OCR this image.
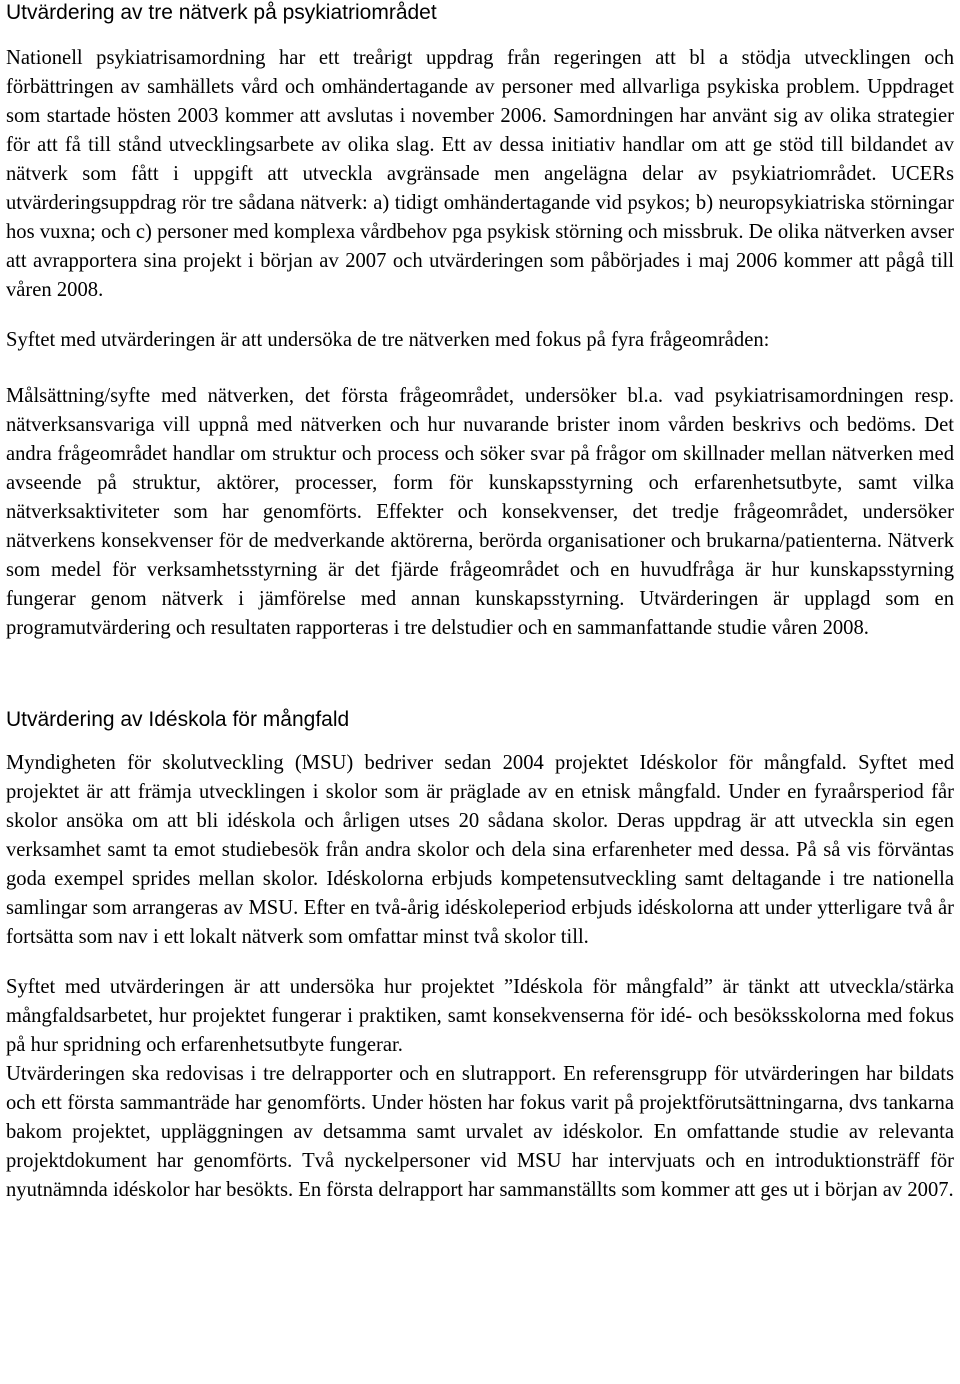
Utvärdering av tre nätverk på psykiatriområdet

Nationell psykiatrisamordning har ett treårigt uppdrag från regeringen att bl a stödja utvecklingen och förbättringen av samhällets vård och omhändertagande av personer med allvarliga psykiska problem. Uppdraget som startade hösten 2003 kommer att avslutas i november 2006. Samordningen har använt sig av olika strategier för att få till stånd utvecklingsarbete av olika slag. Ett av dessa initiativ handlar om att ge stöd till bildandet av nätverk som fått i uppgift att utveckla avgränsade men angelägna delar av psykiatriområdet. UCERs utvärderingsuppdrag rör tre sådana nätverk: a) tidigt omhändertagande vid psykos; b) neuropsykiatriska störningar hos vuxna; och c) personer med komplexa vårdbehov pga psykisk störning och missbruk. De olika nätverken avser att avrapportera sina projekt i början av 2007 och utvärderingen som påbörjades i maj 2006 kommer att pågå till våren 2008.

Syftet med utvärderingen är att undersöka de tre nätverken med fokus på fyra frågeområden:

Målsättning/syfte med nätverken, det första frågeområdet, undersöker bl.a. vad psykiatrisamordningen resp. nätverksansvariga vill uppnå med nätverken och hur nuvarande brister inom vården beskrivs och bedöms. Det andra frågeområdet handlar om struktur och process och söker svar på frågor om skillnader mellan nätverken med avseende på struktur, aktörer, processer, form för kunskapsstyrning och erfarenhetsutbyte, samt vilka nätverksaktiviteter som har genomförts. Effekter och konsekvenser, det tredje frågeområdet, undersöker nätverkens konsekvenser för de medverkande aktörerna, berörda organisationer och brukarna/patienterna. Nätverk som medel för verksamhetsstyrning är det fjärde frågeområdet och en huvudfråga är hur kunskapsstyrning fungerar genom nätverk i jämförelse med annan kunskapsstyrning. Utvärderingen är upplagd som en programutvärdering och resultaten rapporteras i tre delstudier och en sammanfattande studie våren 2008.

Utvärdering av Idéskola för mångfald

Myndigheten för skolutveckling (MSU) bedriver sedan 2004 projektet Idéskolor för mångfald. Syftet med projektet är att främja utvecklingen i skolor som är präglade av en etnisk mångfald. Under en fyraårsperiod får skolor ansöka om att bli idéskola och årligen utses 20 sådana skolor. Deras uppdrag är att utveckla sin egen verksamhet samt ta emot studiebesök från andra skolor och dela sina erfarenheter med dessa. På så vis förväntas goda exempel sprides mellan skolor. Idéskolorna erbjuds kompetensutveckling samt deltagande i tre nationella samlingar som arrangeras av MSU. Efter en två-årig idéskoleperiod erbjuds idéskolorna att under ytterligare två år fortsätta som nav i ett lokalt nätverk som omfattar minst två skolor till.

Syftet med utvärderingen är att undersöka hur projektet ”Idéskola för mångfald” är tänkt att utveckla/stärka mångfaldsarbetet, hur projektet fungerar i praktiken, samt konsekvenserna för idé- och besöksskolorna med fokus på hur spridning och erfarenhetsutbyte fungerar.

Utvärderingen ska redovisas i tre delrapporter och en slutrapport. En referensgrupp för utvärderingen har bildats och ett första sammanträde har genomförts. Under hösten har fokus varit på projektförutsättningarna, dvs tankarna bakom projektet, uppläggningen av detsamma samt urvalet av idéskolor. En omfattande studie av relevanta projektdokument har genomförts. Två nyckelpersoner vid MSU har intervjuats och en introduktionsträff för nyutnämnda idéskolor har besökts. En första delrapport har sammanställts som kommer att ges ut i början av 2007.
